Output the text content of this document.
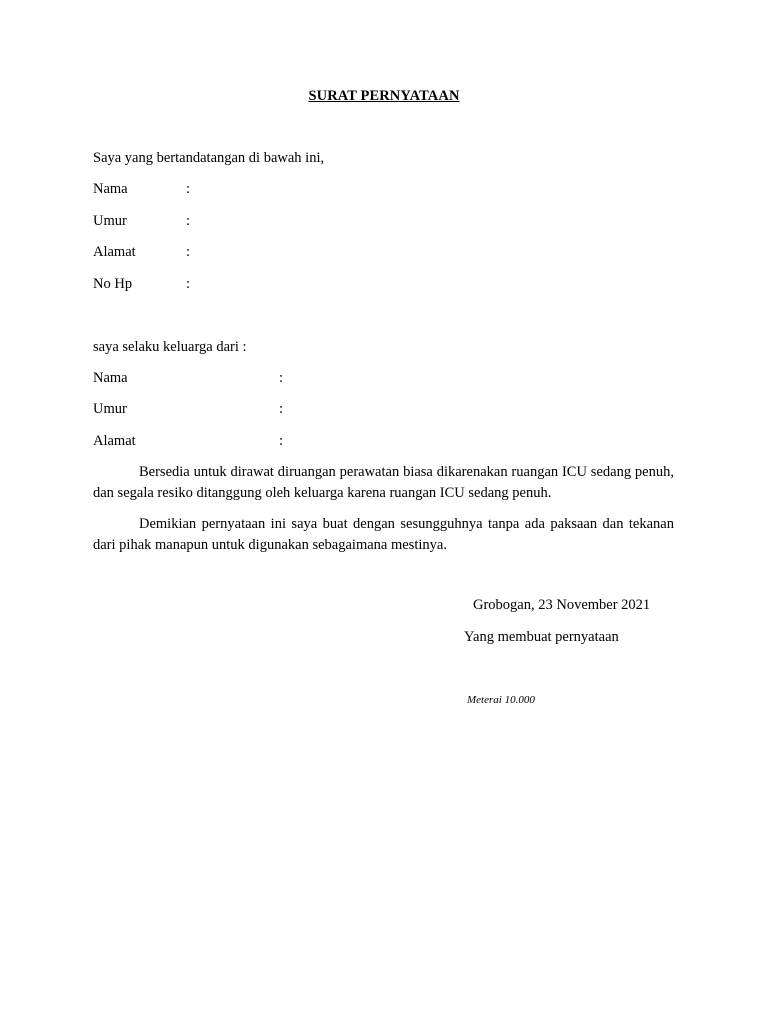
SURAT PERNYATAAN
Saya yang bertandatangan di bawah ini,
Nama	:
Umur	:
Alamat	:
No Hp	:
saya selaku keluarga dari :
Nama	:
Umur	:
Alamat	:
Bersedia untuk dirawat diruangan perawatan biasa dikarenakan ruangan ICU sedang penuh, dan segala resiko ditanggung oleh keluarga karena ruangan ICU sedang penuh.
Demikian pernyataan ini saya buat dengan sesungguhnya tanpa ada paksaan dan tekanan dari pihak manapun untuk digunakan sebagaimana mestinya.
Grobogan, 23 November 2021
Yang membuat pernyataan
Meterai 10.000
